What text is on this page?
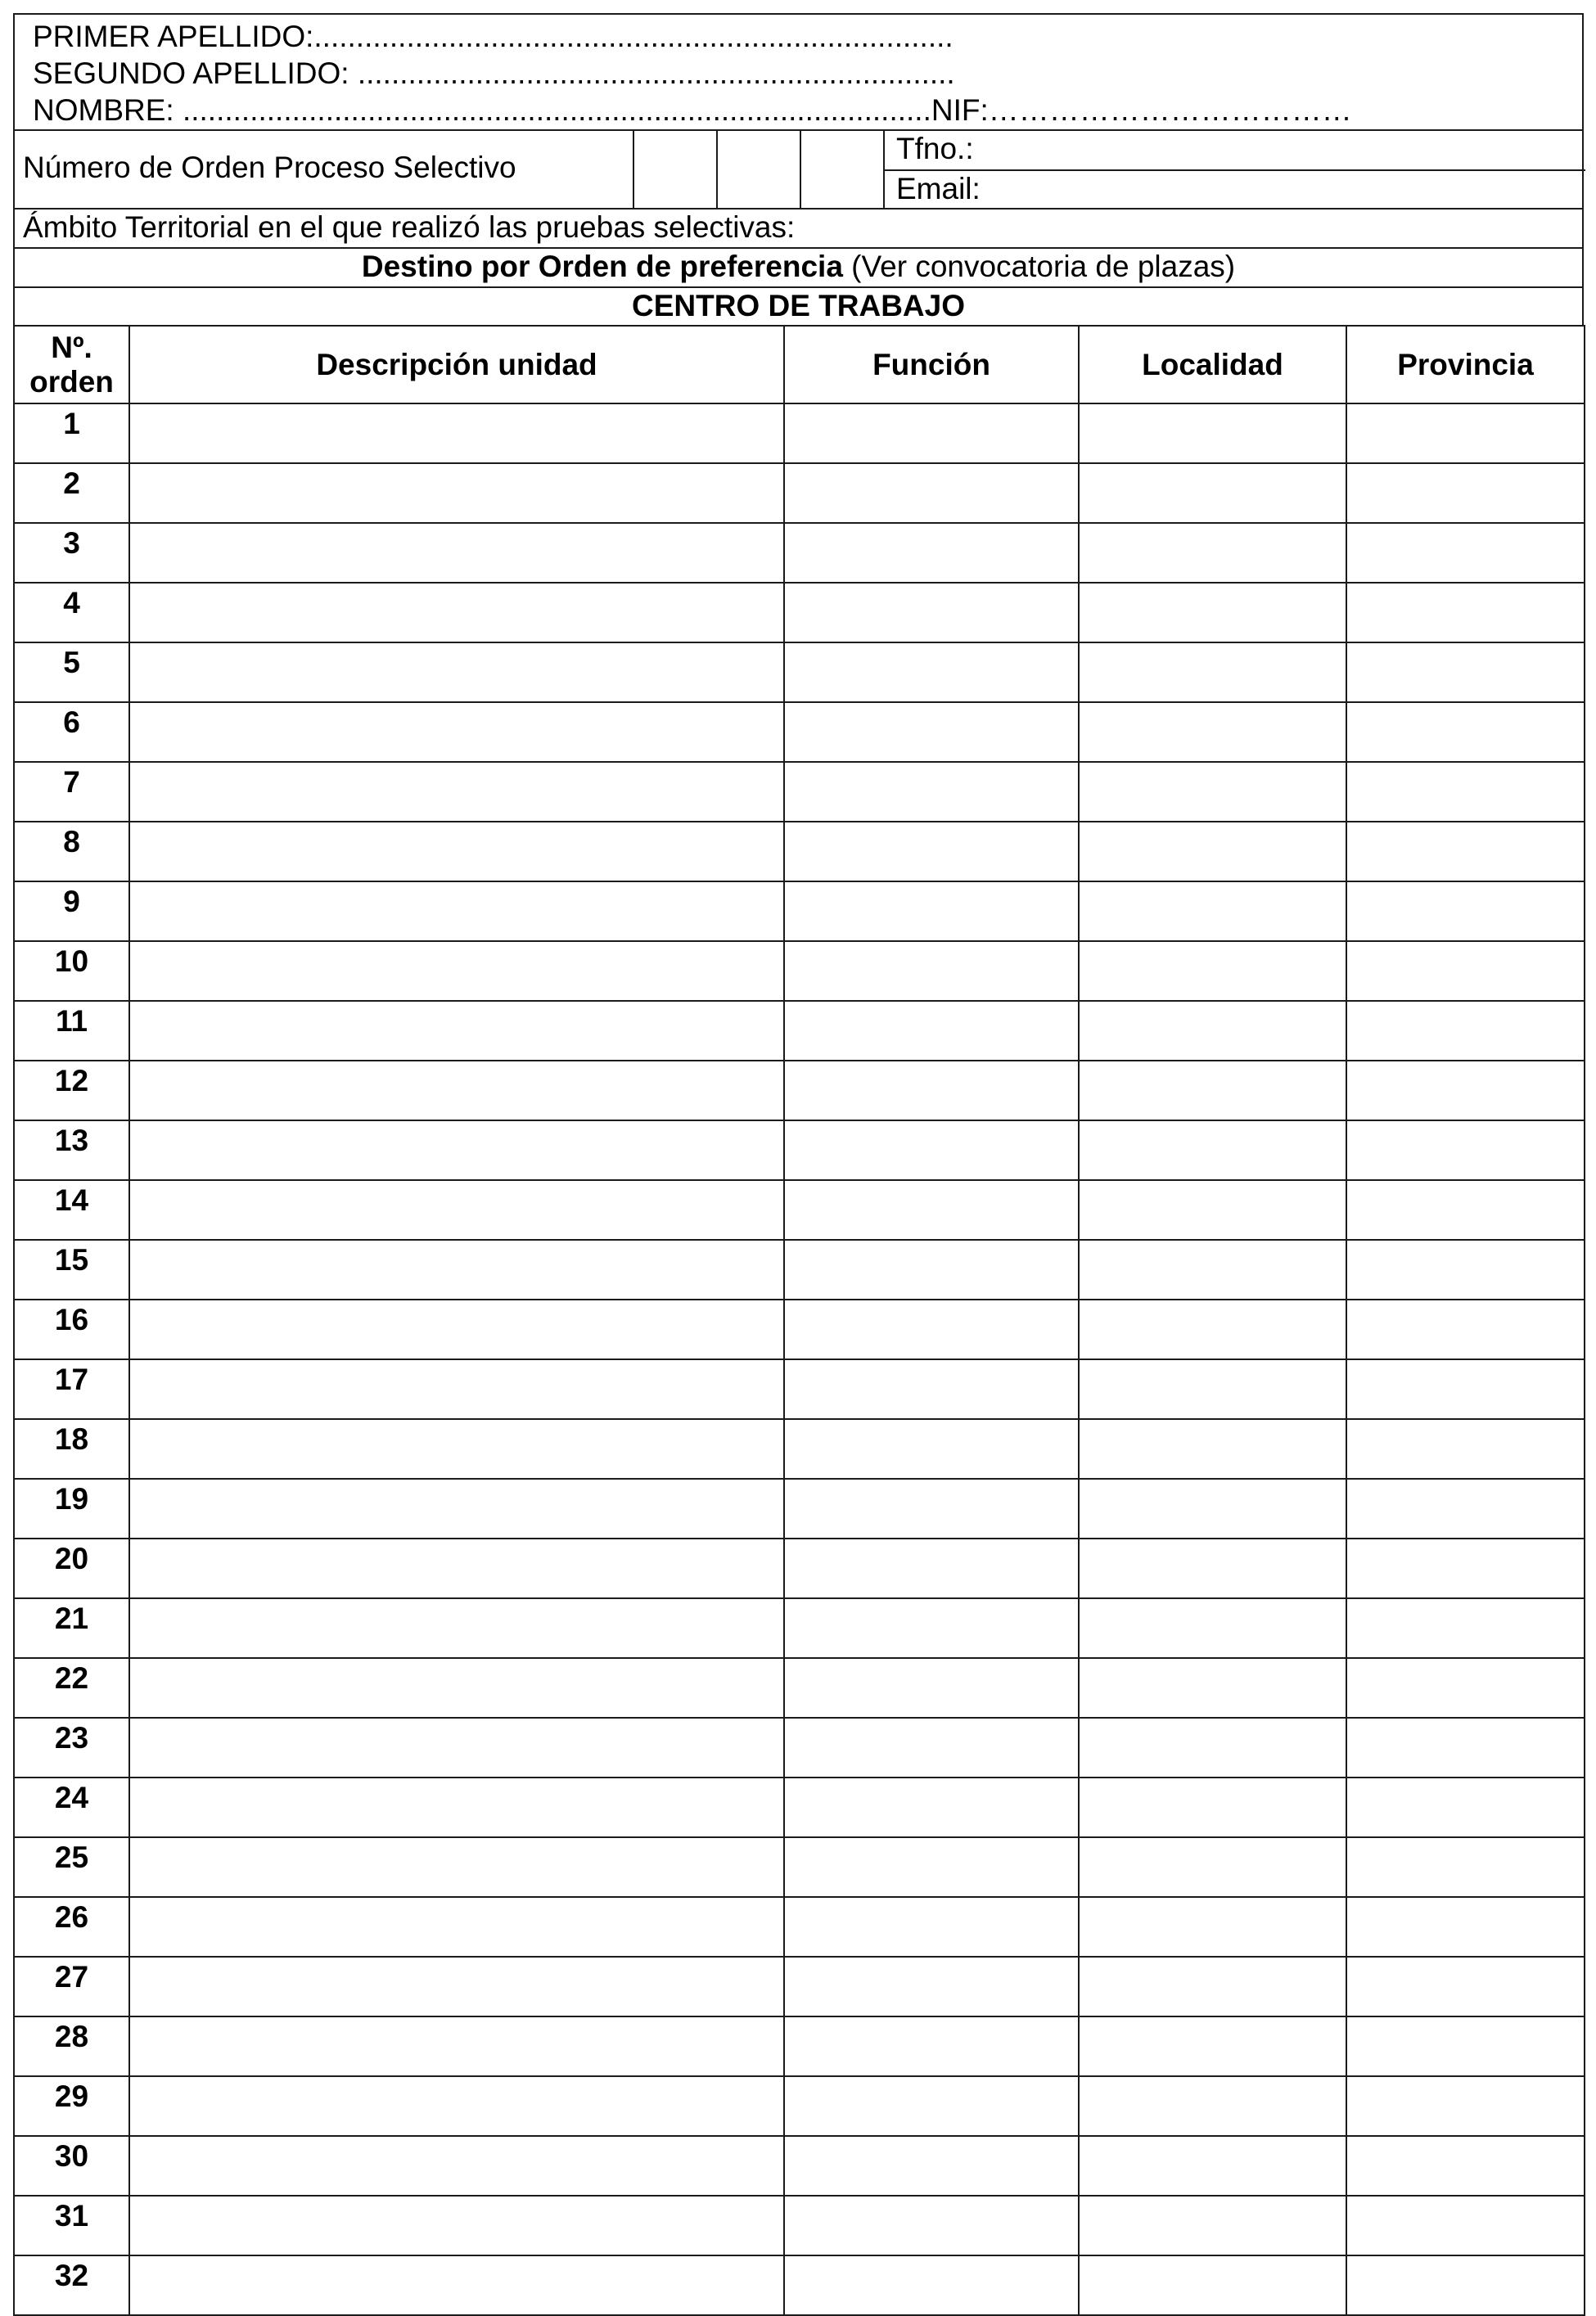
PRIMER APELLIDO:............................................................................
SEGUNDO APELLIDO: .......................................................................
NOMBRE: .........................................................................................NIF:………………………………
Número de Orden Proceso Selectivo
Tfno.:
Email:
Ámbito Territorial en el que realizó las pruebas selectivas:
Destino por Orden de preferencia (Ver convocatoria de plazas)
CENTRO DE TRABAJO
Nº.
orden	Descripción unidad	Función	Localidad	Provincia
1				
2				
3				
4				
5				
6				
7				
8				
9				
10				
11				
12				
13				
14				
15				
16				
17				
18				
19				
20				
21				
22				
23				
24				
25				
26				
27				
28				
29				
30				
31				
32				
